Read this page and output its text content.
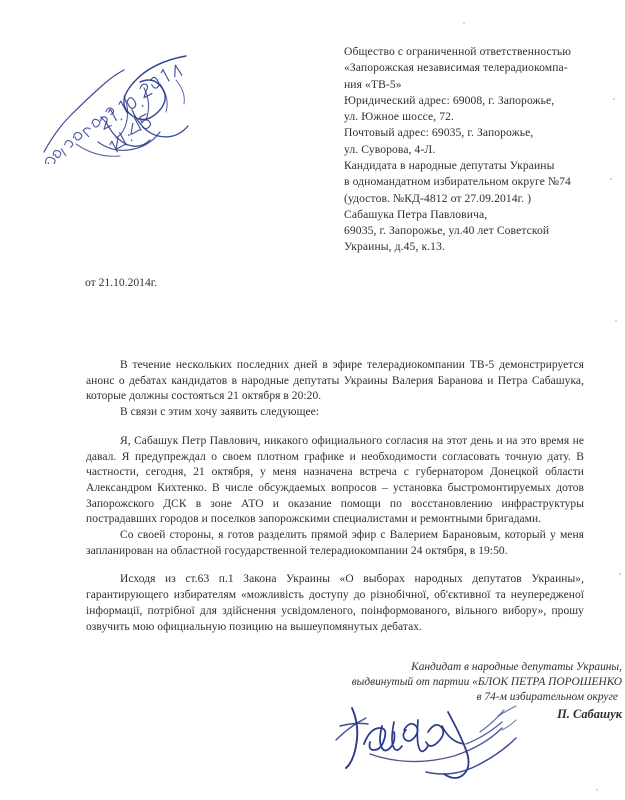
Общество с ограниченной ответственностью
«Запорожская независимая телерадиокомпа-
ния «ТВ-5»
Юридический адрес: 69008, г. Запорожье,
ул. Южное шоссе, 72.
Почтовый адрес: 69035, г. Запорожье,
ул. Суворова, 4-Л.
Кандидата в народные депутаты Украины
в одномандатном избирательном округе №74
(удостов. №КД-4812 от 27.09.2014г. )
Сабашука Петра Павловича,
69035, г. Запорожье, ул.40 лет Советской
Украины, д.45, к.13.
от 21.10.2014г.

В течение нескольких последних дней в эфире телерадиокомпании ТВ-5 демонстрируется анонс о дебатах кандидатов в народные депутаты Украины Валерия Баранова и Петра Сабашука, которые должны состояться 21 октября в 20:20.

В связи с этим хочу заявить следующее:

Я, Сабашук Петр Павлович, никакого официального согласия на этот день и на это время не давал. Я предупреждал о своем плотном графике и необходимости согласовать точную дату. В частности, сегодня, 21 октября, у меня назначена встреча с губернатором Донецкой области Александром Кихтенко. В числе обсуждаемых вопросов – установка быстромонтируемых дотов Запорожского ДСК в зоне АТО и оказание помощи по восстановлению инфраструктуры пострадавших городов и поселков запорожскими специалистами и ремонтными бригадами.

Со своей стороны, я готов разделить прямой эфир с Валерием Барановым, который у меня запланирован на областной государственной телерадиокомпании 24 октября, в 19:50.

Исходя из ст.63 п.1 Закона Украины «О выборах народных депутатов Украины», гарантирующего избирателям «можливість доступу до різнобічної, об'єктивної та неупередженої інформації, потрібної для здійснення усвідомленого, поінформованого, вільного вибору», прошу озвучить мою официальную позицию на вышеупомянутых дебатах.

Кандидат в народные депутаты Украины,
выдвинутый от партии «БЛОК ПЕТРА ПОРОШЕНКО
в 74-м избирательном округе
П. Сабашук
